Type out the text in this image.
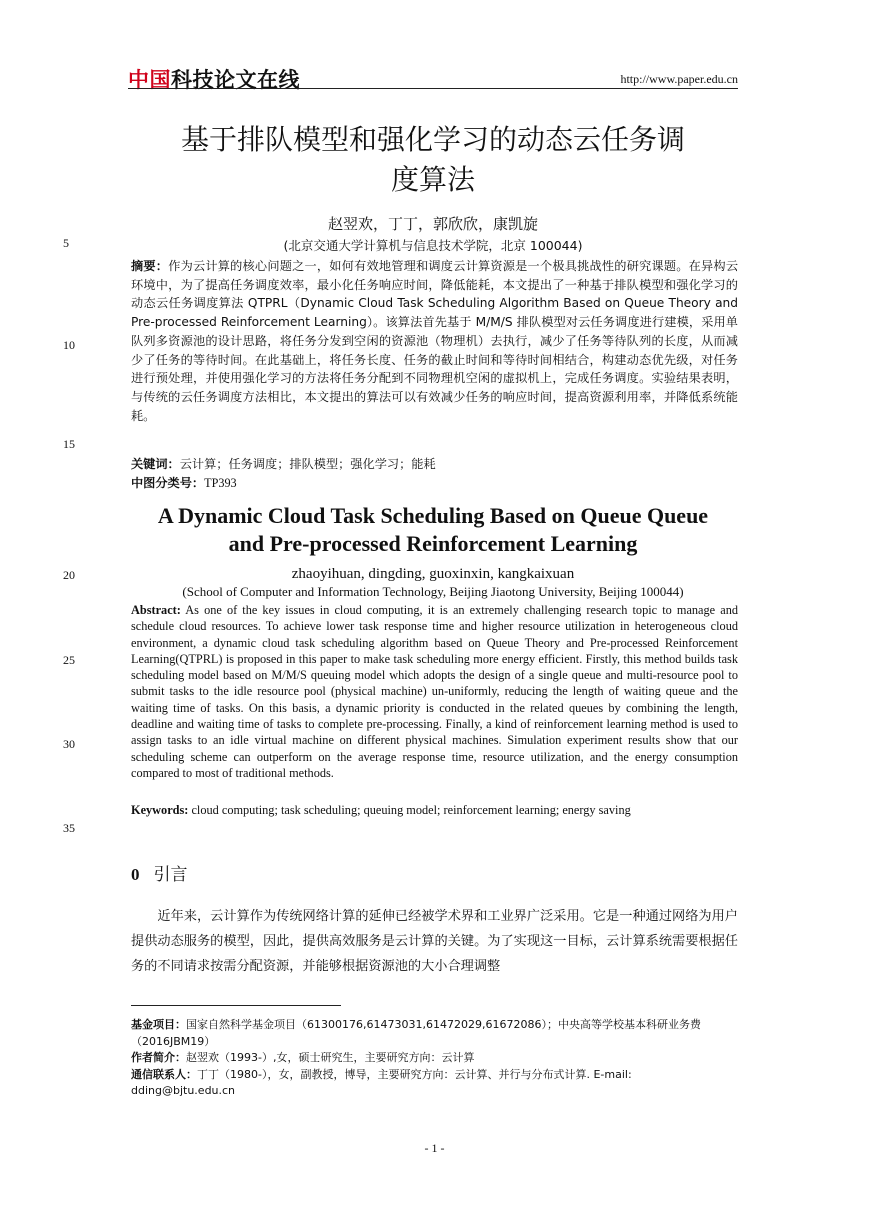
中国科技论文在线	http://www.paper.edu.cn
5
10
15
20
25
30
35
基于排队模型和强化学习的动态云任务调
度算法
赵翌欢，丁丁，郭欣欣，康凯旋
(北京交通大学计算机与信息技术学院，北京 100044)
摘要：作为云计算的核心问题之一，如何有效地管理和调度云计算资源是一个极具挑战性的研究课题。在异构云环境中，为了提高任务调度效率，最小化任务响应时间，降低能耗，本文提出了一种基于排队模型和强化学习的动态云任务调度算法 QTPRL（Dynamic Cloud Task Scheduling Algorithm Based on Queue Theory and Pre-processed Reinforcement Learning）。该算法首先基于 M/M/S 排队模型对云任务调度进行建模，采用单队列多资源池的设计思路，将任务分发到空闲的资源池（物理机）去执行，减少了任务等待队列的长度，从而减少了任务的等待时间。在此基础上，将任务长度、任务的截止时间和等待时间相结合，构建动态优先级，对任务进行预处理，并使用强化学习的方法将任务分配到不同物理机空闲的虚拟机上，完成任务调度。实验结果表明，与传统的云任务调度方法相比，本文提出的算法可以有效减少任务的响应时间，提高资源利用率，并降低系统能耗。
关键词：云计算；任务调度；排队模型；强化学习；能耗
中图分类号：TP393
A Dynamic Cloud Task Scheduling Based on Queue Queue
and Pre-processed Reinforcement Learning
zhaoyihuan, dingding, guoxinxin, kangkaixuan
(School of Computer and Information Technology, Beijing Jiaotong University, Beijing 100044)
Abstract: As one of the key issues in cloud computing, it is an extremely challenging research topic to manage and schedule cloud resources. To achieve lower task response time and higher resource utilization in heterogeneous cloud environment, a dynamic cloud task scheduling algorithm based on Queue Theory and Pre-processed Reinforcement Learning(QTPRL) is proposed in this paper to make task scheduling more energy efficient. Firstly, this method builds task scheduling model based on M/M/S queuing model which adopts the design of a single queue and multi-resource pool to submit tasks to the idle resource pool (physical machine) un-uniformly, reducing the length of waiting queue and the waiting time of tasks. On this basis, a dynamic priority is conducted in the related queues by combining the length, deadline and waiting time of tasks to complete pre-processing. Finally, a kind of reinforcement learning method is used to assign tasks to an idle virtual machine on different physical machines. Simulation experiment results show that our scheduling scheme can outperform on the average response time, resource utilization, and the energy consumption compared to most of traditional methods.
Keywords: cloud computing; task scheduling; queuing model; reinforcement learning; energy saving
0 引言
近年来，云计算作为传统网络计算的延伸已经被学术界和工业界广泛采用。它是一种通过网络为用户提供动态服务的模型，因此，提供高效服务是云计算的关键。为了实现这一目标，云计算系统需要根据任务的不同请求按需分配资源，并能够根据资源池的大小合理调整

基金项目：国家自然科学基金项目（61300176,61473031,61472029,61672086）；中央高等学校基本科研业务费（2016JBM19）

作者简介：赵翌欢（1993-）,女，硕士研究生，主要研究方向：云计算

通信联系人：丁丁（1980-），女，副教授，博导，主要研究方向：云计算、并行与分布式计算. E-mail: dding@bjtu.edu.cn

- 1 -
